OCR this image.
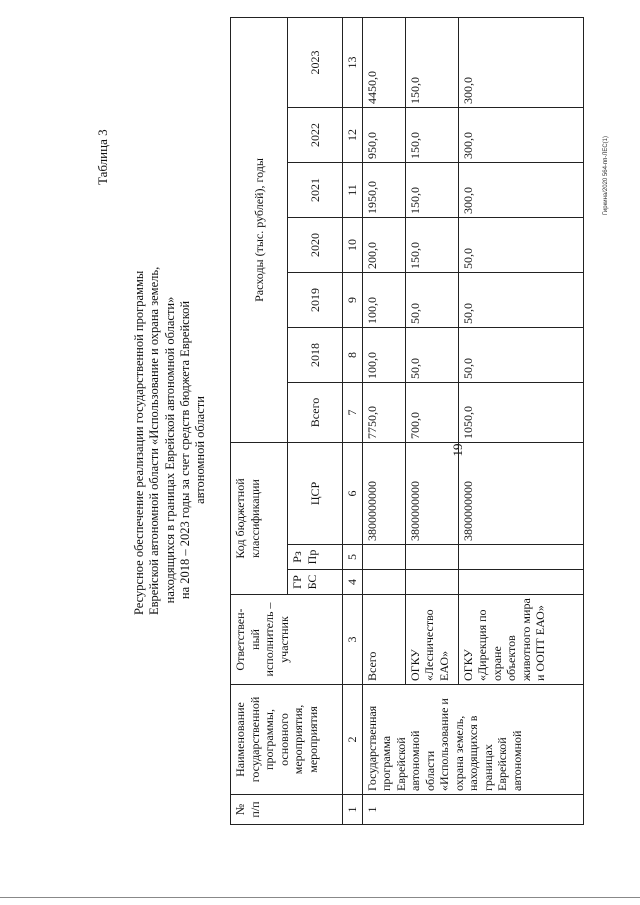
19
Таблица 3
Ресурсное обеспечение реализации государственной программы Еврейской автономной области «Использование и охрана земель, находящихся в границах Еврейской автономной области» на 2018 – 2023 годы за счет средств бюджета Еврейской автономной области
Гиркина/2020 564-пп-ЛЕС(1)
№ п/п	Наименование государственной программы, основного мероприятия, мероприятия	Ответствен-ный исполнитель – участник	Код бюджетной классификации			Расходы (тыс. рублей), годы						
			ГР БС	Рз Пр	ЦСР	Всего	2018	2019	2020	2021	2022	2023
1	2	3	4	5	6	7	8	9	10	11	12	13
1	Государственная программа Еврейской автономной области «Использование и охрана земель, находящихся в границах Еврейской автономной	Всего			3800000000	7750,0	100,0	100,0	200,0	1950,0	950,0	4450,0
		ОГКУ «Лесничество ЕАО»			3800000000	700,0	50,0	50,0	150,0	150,0	150,0	150,0
		ОГКУ «Дирекция по охране объектов животного мира и ООПТ ЕАО»			3800000000	1050,0	50,0	50,0	50,0	300,0	300,0	300,0
